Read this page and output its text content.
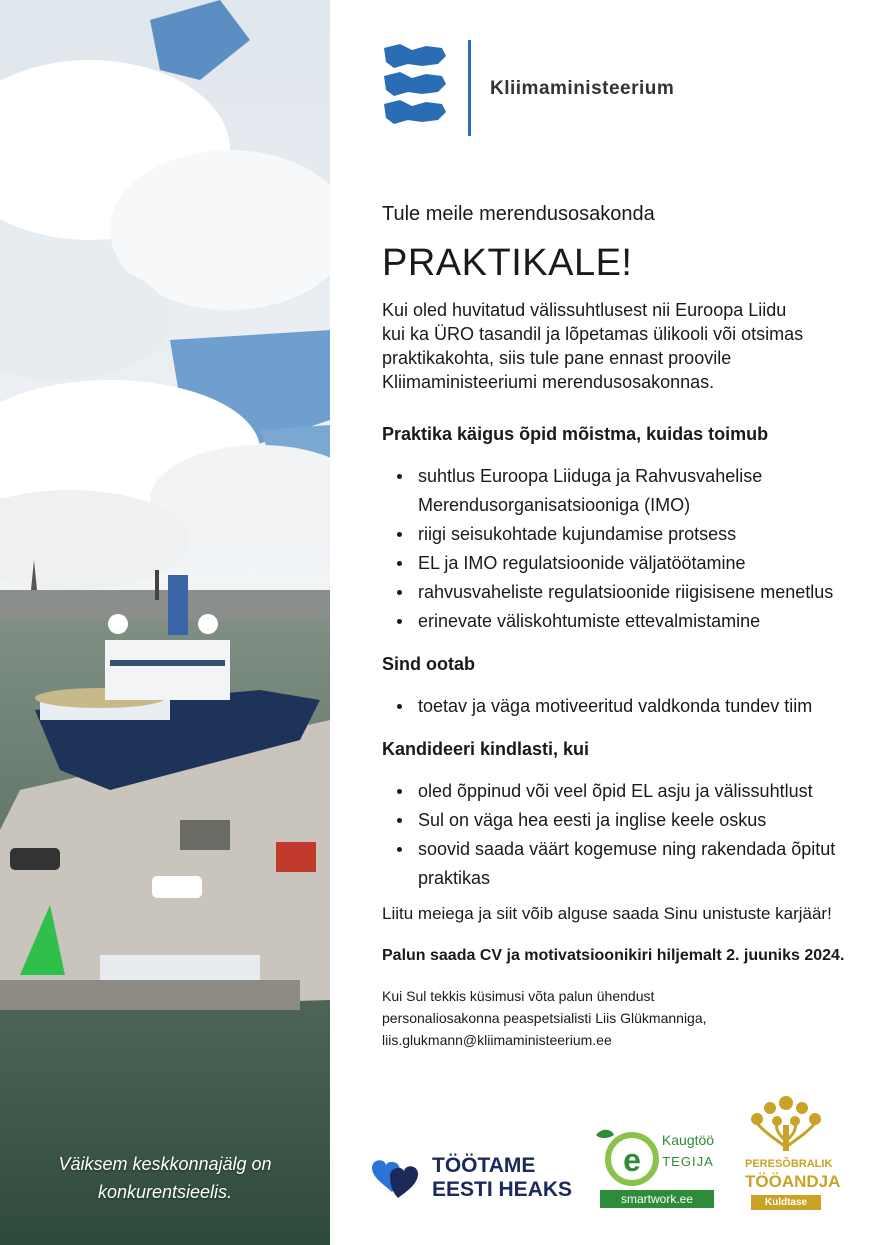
Väiksem keskkonnajälg on
konkurentsieelis.
Kliimaministeerium

Tule meile merendusosakonda

PRAKTIKALE!

Kui oled huvitatud välissuhtlusest nii Euroopa Liidu
kui ka ÜRO tasandil ja lõpetamas ülikooli või otsimas
praktikakohta, siis tule pane ennast proovile
Kliimaministeeriumi merendusosakonnas.

Praktika käigus õpid mõistma, kuidas toimub
suhtlus Euroopa Liiduga ja Rahvusvahelise
Merendusorganisatsiooniga (IMO)
riigi seisukohtade kujundamise protsess
EL ja IMO regulatsioonide väljatöötamine
rahvusvaheliste regulatsioonide riigisisene menetlus
erinevate väliskohtumiste ettevalmistamine
Sind ootab
toetav ja väga motiveeritud valdkonda tundev tiim
Kandideeri kindlasti, kui
oled õppinud või veel õpid EL asju ja välissuhtlust
Sul on väga hea eesti ja inglise keele oskus
soovid saada väärt kogemuse ning rakendada õpitut
praktikas

Liitu meiega ja siit võib alguse saada Sinu unistuste karjäär!

Palun saada CV ja motivatsioonikiri hiljemalt 2. juuniks 2024.

Kui Sul tekkis küsimusi võta palun ühendust
personaliosakonna peaspetsialisti Liis Glükmanniga,
liis.glukmann@kliimaministeerium.ee

TÖÖTAME
EESTI HEAKS
e
Kaugtöö
TEGIJA
smartwork.ee
PERESÕBRALIK
TÖÖANDJA
Kuldtase
